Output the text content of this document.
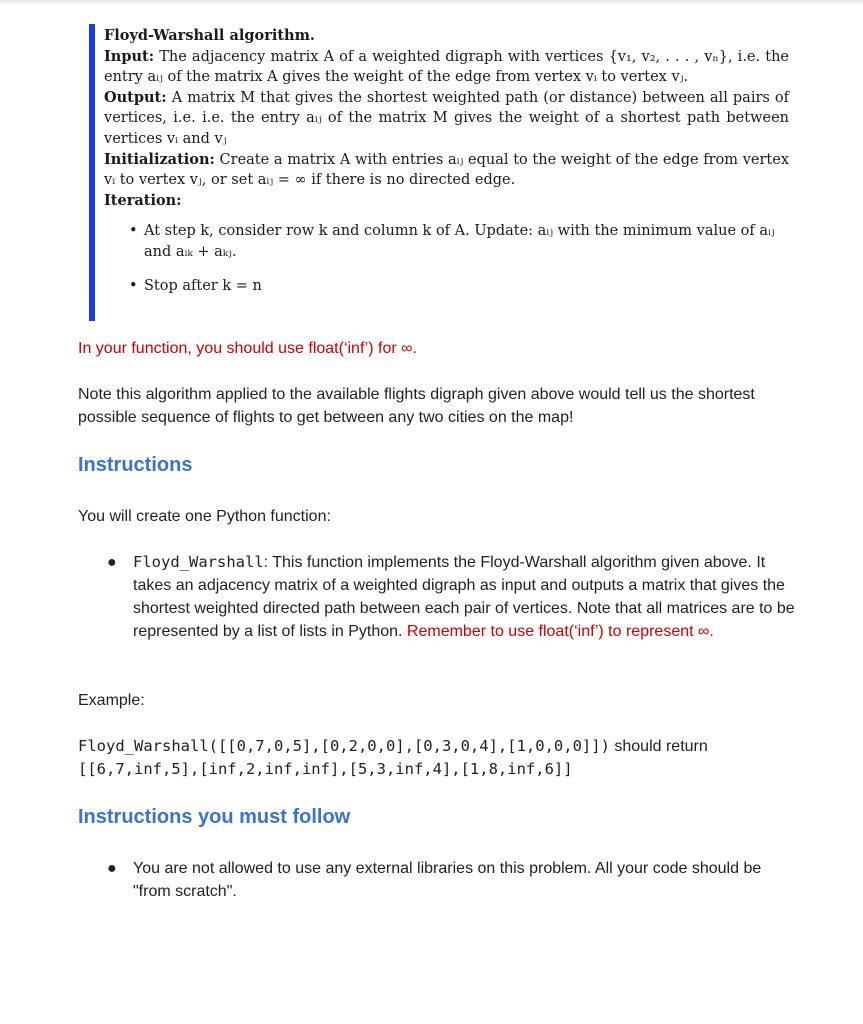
Floyd-Warshall algorithm.

Input: The adjacency matrix A of a weighted digraph with vertices {v₁, v₂, . . . , vₙ}, i.e. the entry aᵢⱼ of the matrix A gives the weight of the edge from vertex vᵢ to vertex vⱼ.

Output: A matrix M that gives the shortest weighted path (or distance) between all pairs of vertices, i.e. i.e. the entry aᵢⱼ of the matrix M gives the weight of a shortest path between vertices vᵢ and vⱼ

Initialization: Create a matrix A with entries aᵢⱼ equal to the weight of the edge from vertex vᵢ to vertex vⱼ, or set aᵢⱼ = ∞ if there is no directed edge.

Iteration:

• At step k, consider row k and column k of A. Update: aᵢⱼ with the minimum value of aᵢⱼ and aᵢₖ + aₖⱼ.
• Stop after k = n

In your function, you should use float(‘inf’) for ∞.

Note this algorithm applied to the available flights digraph given above would tell us the shortest possible sequence of flights to get between any two cities on the map!

Instructions

You will create one Python function:

● Floyd_Warshall: This function implements the Floyd-Warshall algorithm given above. It takes an adjacency matrix of a weighted digraph as input and outputs a matrix that gives the shortest weighted directed path between each pair of vertices. Note that all matrices are to be represented by a list of lists in Python. Remember to use float(‘inf’) to represent ∞.

Example:

Floyd_Warshall([[0,7,0,5],[0,2,0,0],[0,3,0,4],[1,0,0,0]]) should return
[[6,7,inf,5],[inf,2,inf,inf],[5,3,inf,4],[1,8,inf,6]]

Instructions you must follow
● You are not allowed to use any external libraries on this problem. All your code should be "from scratch".
